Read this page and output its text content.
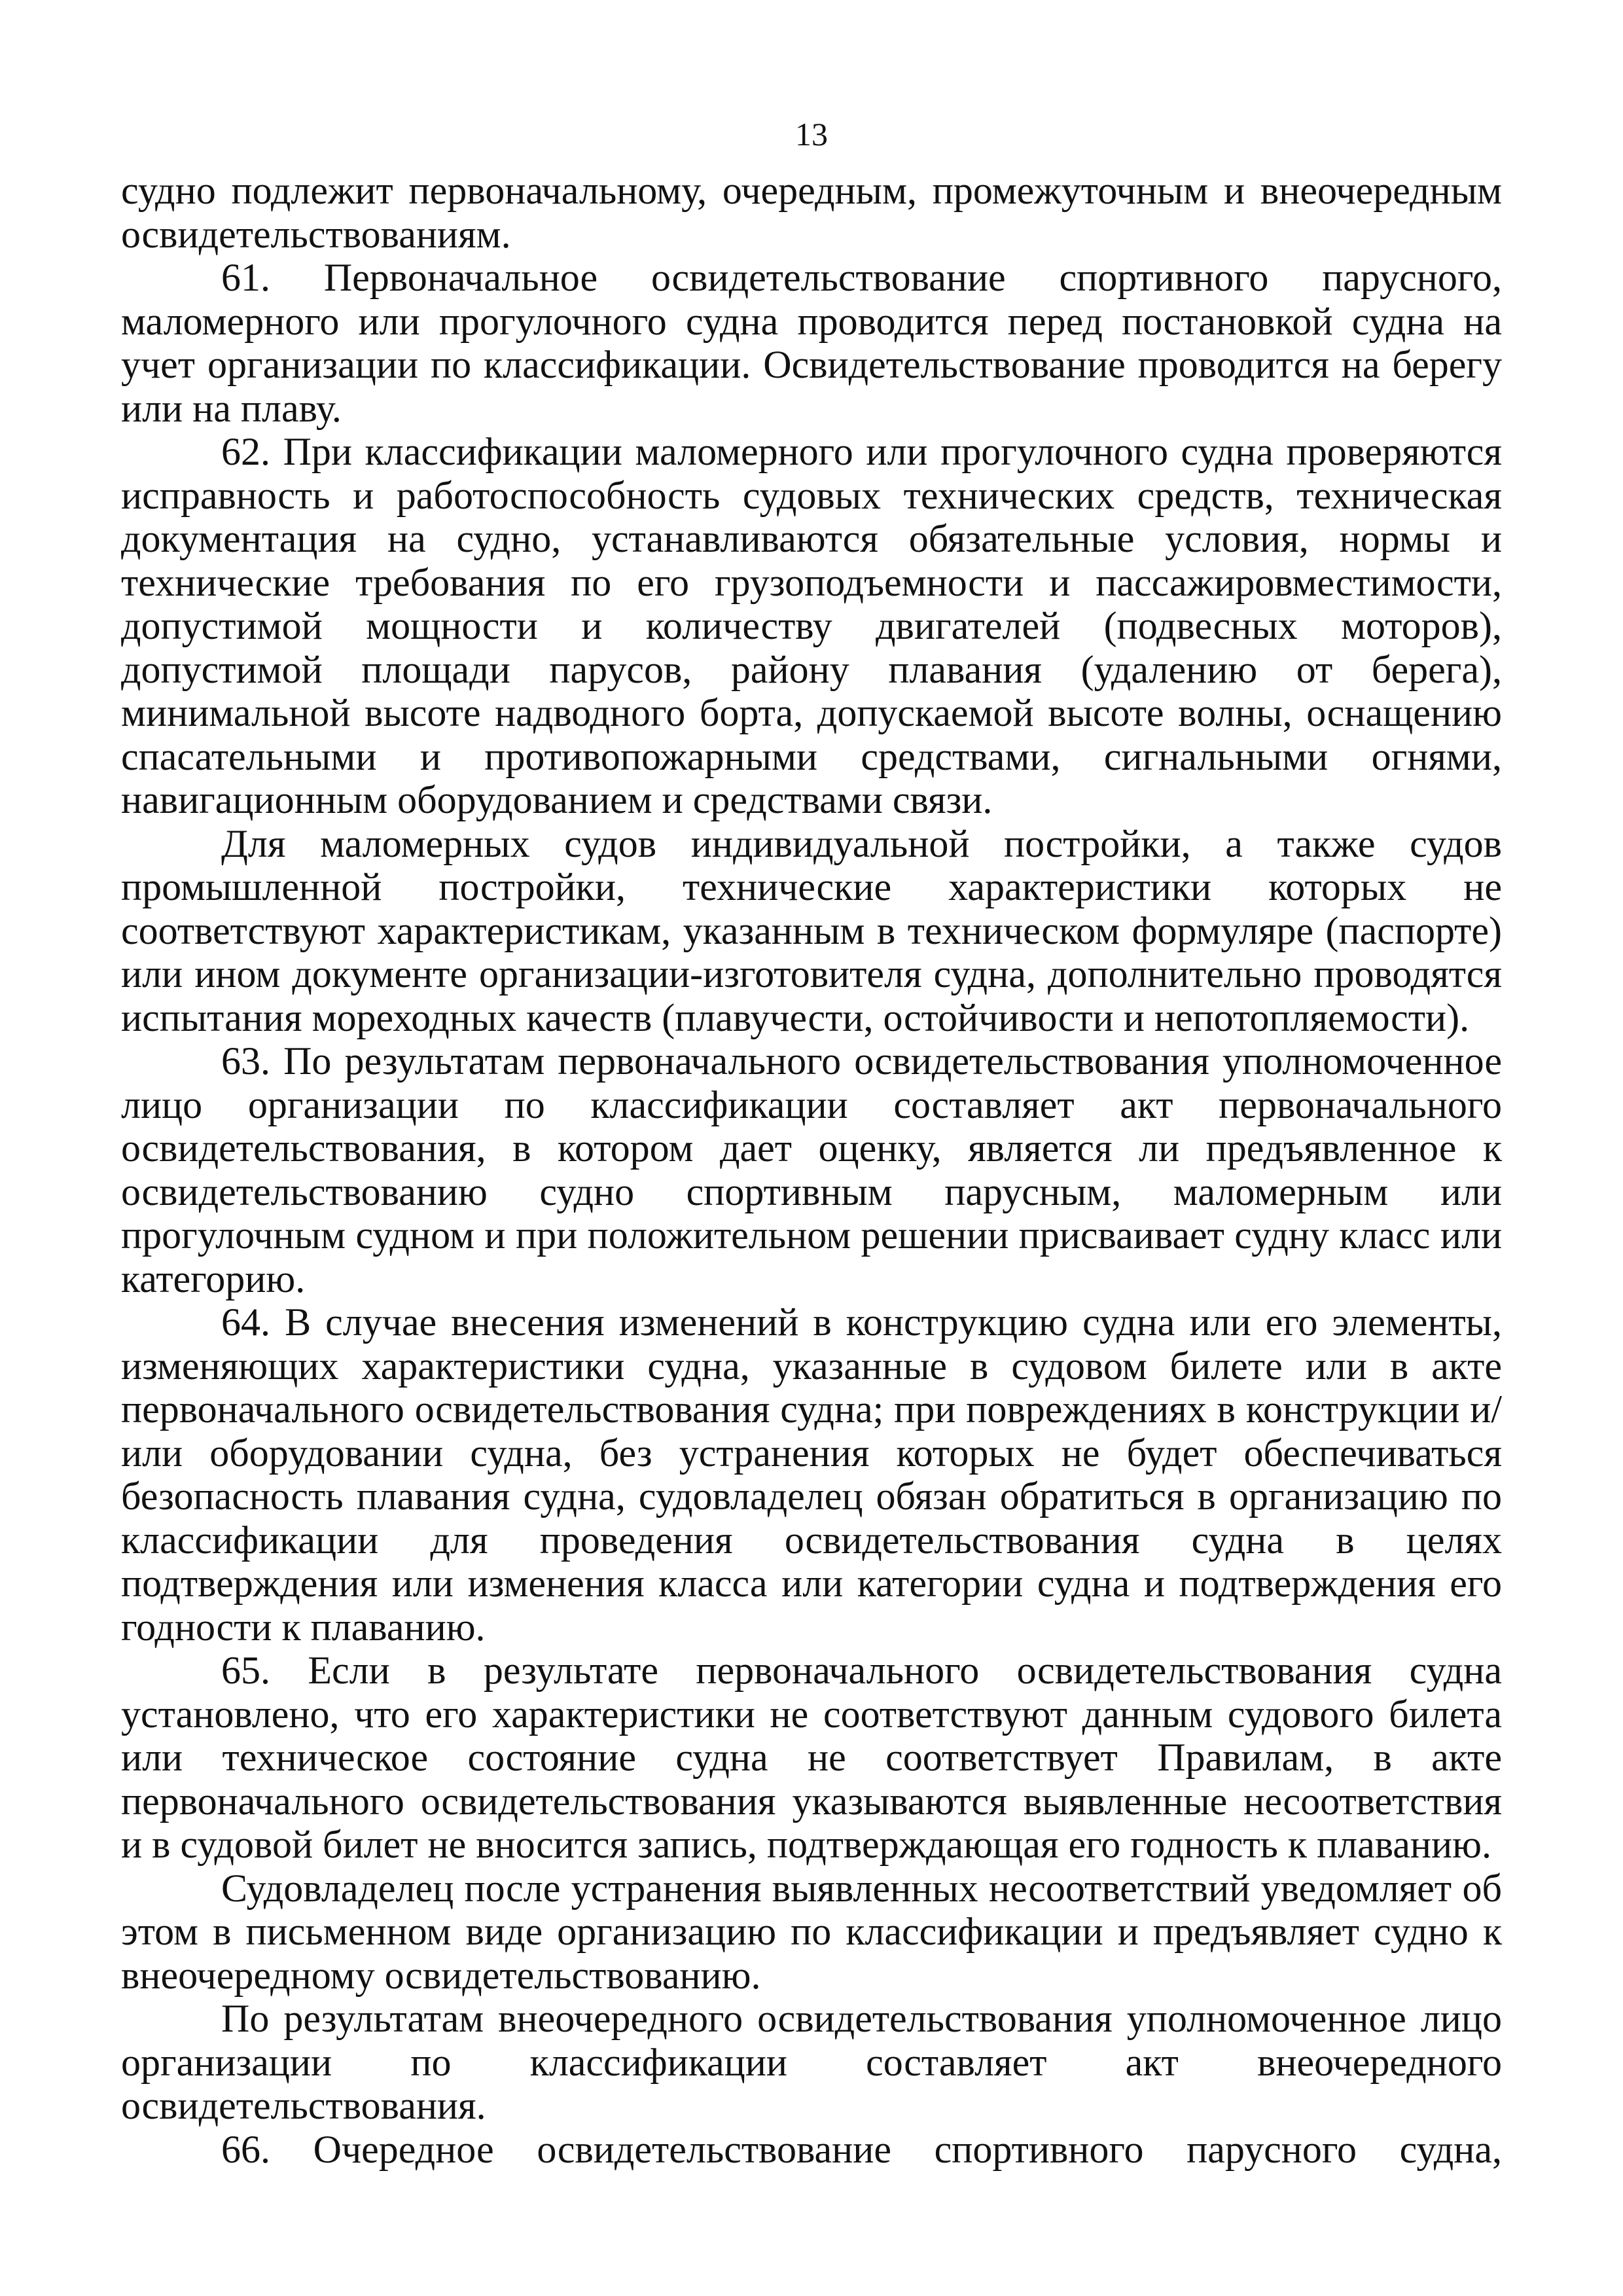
13

судно подлежит первоначальному, очередным, промежуточным и внеочередным освидетельствованиям.

61. Первоначальное освидетельствование спортивного парусного, маломерного или прогулочного судна проводится перед постановкой судна на учет организации по классификации. Освидетельствование проводится на берегу или на плаву.

62. При классификации маломерного или прогулочного судна проверяются исправность и работоспособность судовых технических средств, техническая документация на судно, устанавливаются обязательные условия, нормы и технические требования по его грузоподъемности и пассажировместимости, допустимой мощности и количеству двигателей (подвесных моторов), допустимой площади парусов, району плавания (удалению от берега), минимальной высоте надводного борта, допускаемой высоте волны, оснащению спасательными и противопожарными средствами, сигнальными огнями, навигационным оборудованием и средствами связи.

Для маломерных судов индивидуальной постройки, а также судов промышленной постройки, технические характеристики которых не соответствуют характеристикам, указанным в техническом формуляре (паспорте) или ином документе организации-изготовителя судна, дополнительно проводятся испытания мореходных качеств (плавучести, остойчивости и непотопляемости).

63. По результатам первоначального освидетельствования уполномоченное лицо организации по классификации составляет акт первоначального освидетельствования, в котором дает оценку, является ли предъявленное к освидетельствованию судно спортивным парусным, маломерным или прогулочным судном и при положительном решении присваивает судну класс или категорию.

64. В случае внесения изменений в конструкцию судна или его элементы, изменяющих характеристики судна, указанные в судовом билете или в акте первоначального освидетельствования судна; при повреждениях в конструкции и/или оборудовании судна, без устранения которых не будет обеспечиваться безопасность плавания судна, судовладелец обязан обратиться в организацию по классификации для проведения освидетельствования судна в целях подтверждения или изменения класса или категории судна и подтверждения его годности к плаванию.

65. Если в результате первоначального освидетельствования судна установлено, что его характеристики не соответствуют данным судового билета или техническое состояние судна не соответствует Правилам, в акте первоначального освидетельствования указываются выявленные несоответствия и в судовой билет не вносится запись, подтверждающая его годность к плаванию.

Судовладелец после устранения выявленных несоответствий уведомляет об этом в письменном виде организацию по классификации и предъявляет судно к внеочередному освидетельствованию.

По результатам внеочередного освидетельствования уполномоченное лицо организации по классификации составляет акт внеочередного освидетельствования.

66. Очередное освидетельствование спортивного парусного судна,
